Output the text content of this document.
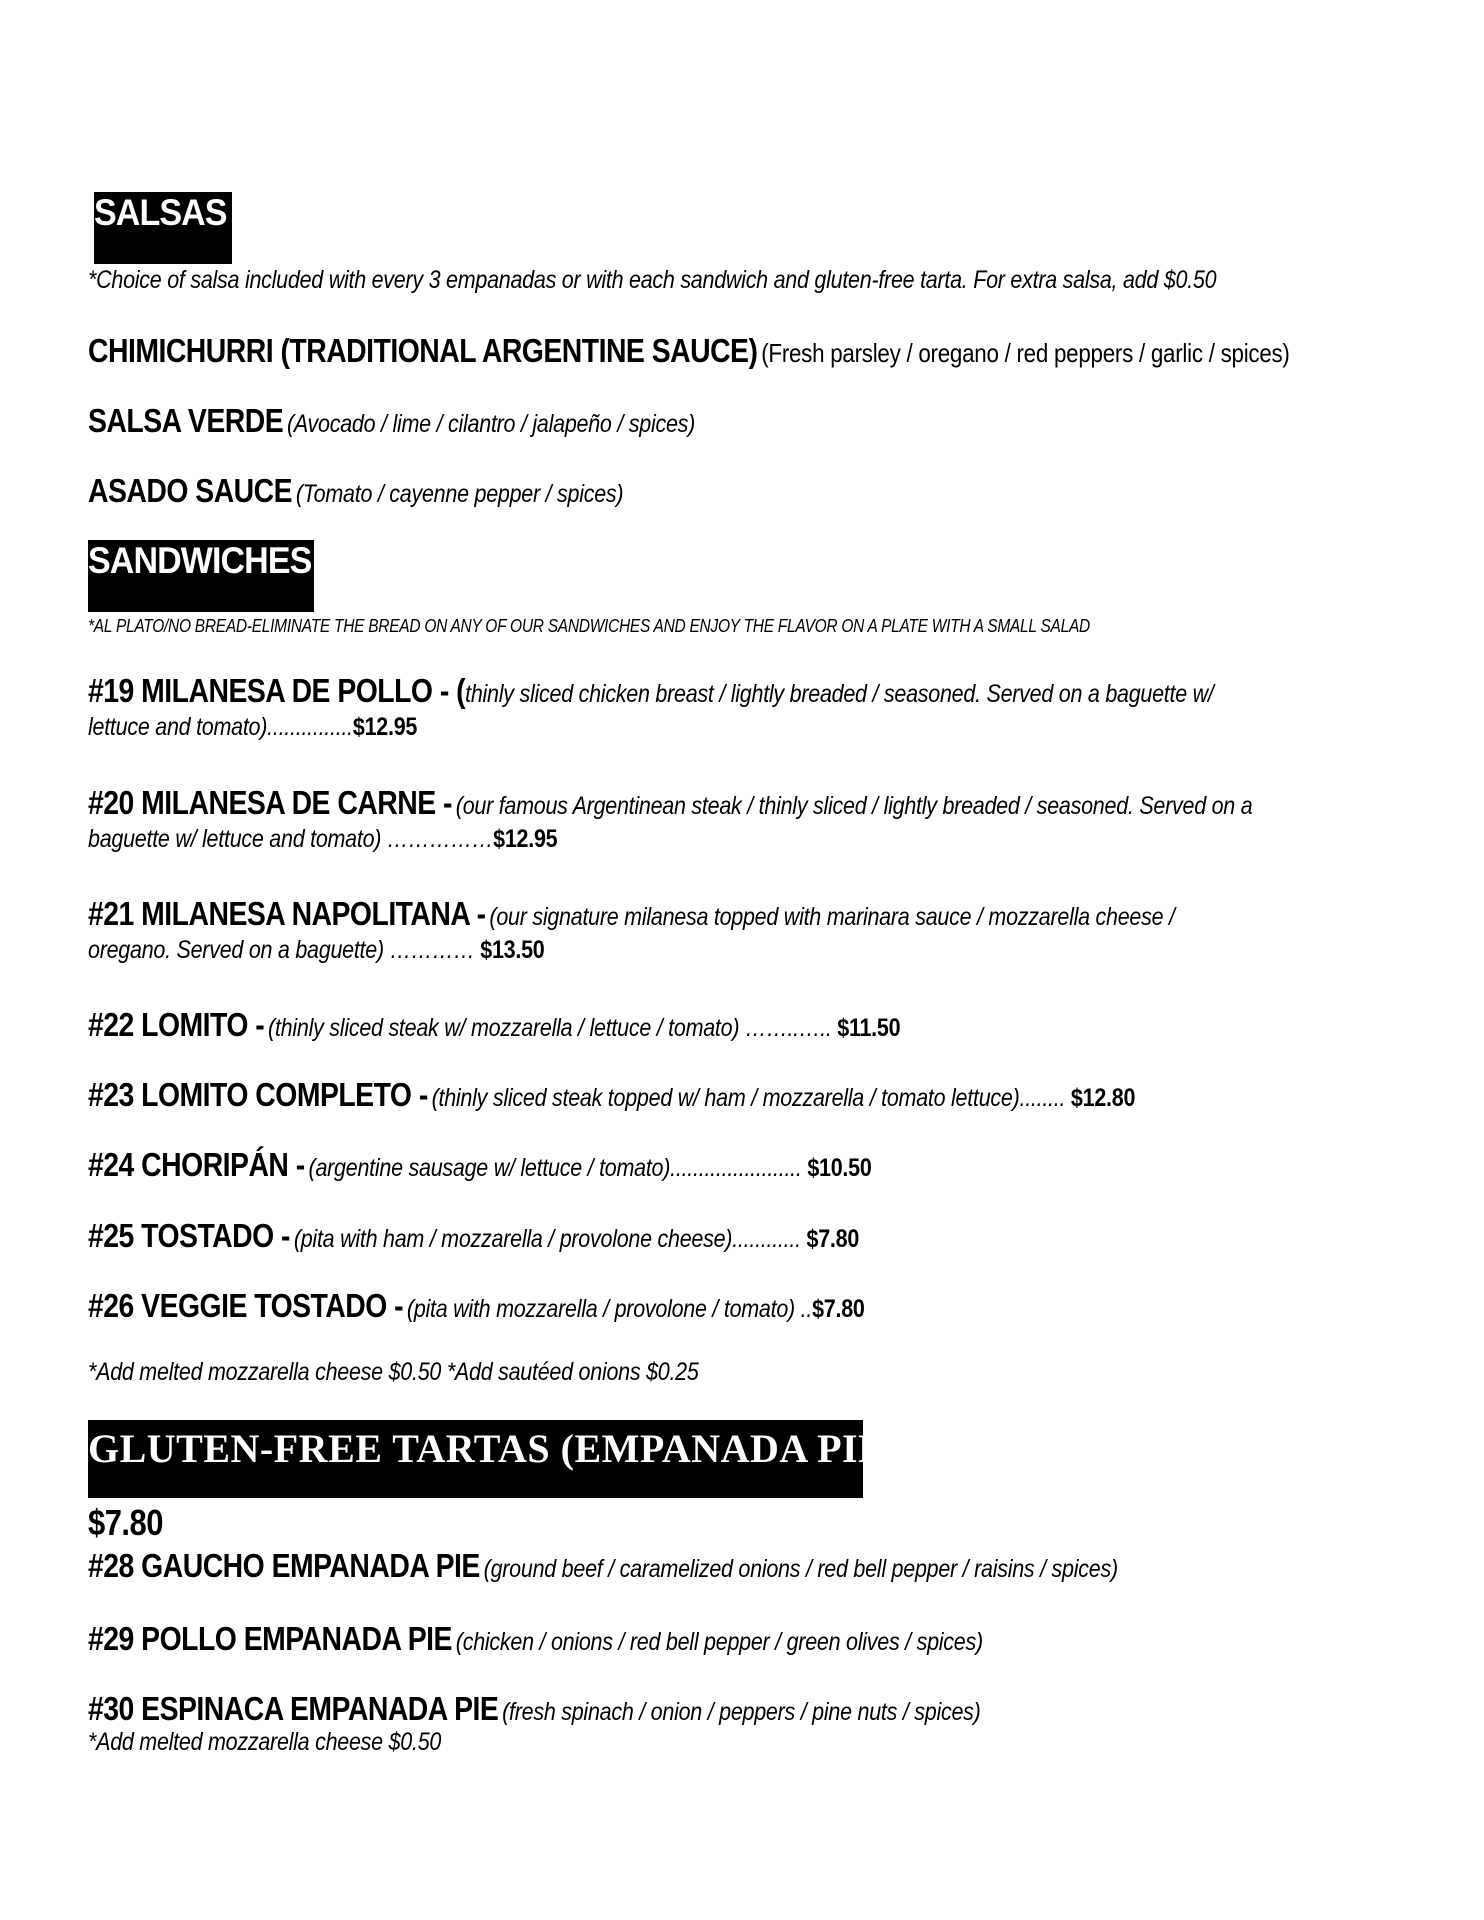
SALSAS
*Choice of salsa included with every 3 empanadas or with each sandwich and gluten-free tarta. For extra salsa, add $0.50
CHIMICHURRI (TRADITIONAL ARGENTINE SAUCE) (Fresh parsley / oregano / red peppers / garlic / spices)
SALSA VERDE (Avocado / lime / cilantro / jalapeño / spices)
ASADO SAUCE (Tomato / cayenne pepper / spices)
SANDWICHES
*AL PLATO/NO BREAD-ELIMINATE THE BREAD ON ANY OF OUR SANDWICHES AND ENJOY THE FLAVOR ON A PLATE WITH A SMALL SALAD
#19 MILANESA DE POLLO - (thinly sliced chicken breast / lightly breaded / seasoned. Served on a baguette w/
lettuce and tomato)...............$12.95
#20 MILANESA DE CARNE - (our famous Argentinean steak / thinly sliced / lightly breaded / seasoned. Served on a
baguette w/ lettuce and tomato) ……………$12.95
#21 MILANESA NAPOLITANA - (our signature milanesa topped with marinara sauce / mozzarella cheese /
oregano. Served on a baguette) ………… $13.50
#22 LOMITO - (thinly sliced steak w/ mozzarella / lettuce / tomato) ……..….. $11.50
#23 LOMITO COMPLETO - (thinly sliced steak topped w/ ham / mozzarella / tomato lettuce)........ $12.80
#24 CHORIPÁN - (argentine sausage w/ lettuce / tomato)....................... $10.50
#25 TOSTADO - (pita with ham / mozzarella / provolone cheese)............ $7.80
#26 VEGGIE TOSTADO - (pita with mozzarella / provolone / tomato) ..$7.80
*Add melted mozzarella cheese $0.50 *Add sautéed onions $0.25
GLUTEN-FREE TARTAS (EMPANADA PIE)
$7.80
#28 GAUCHO EMPANADA PIE (ground beef / caramelized onions / red bell pepper / raisins / spices)
#29 POLLO EMPANADA PIE (chicken / onions / red bell pepper / green olives / spices)
#30 ESPINACA EMPANADA PIE (fresh spinach / onion / peppers / pine nuts / spices)
*Add melted mozzarella cheese $0.50
